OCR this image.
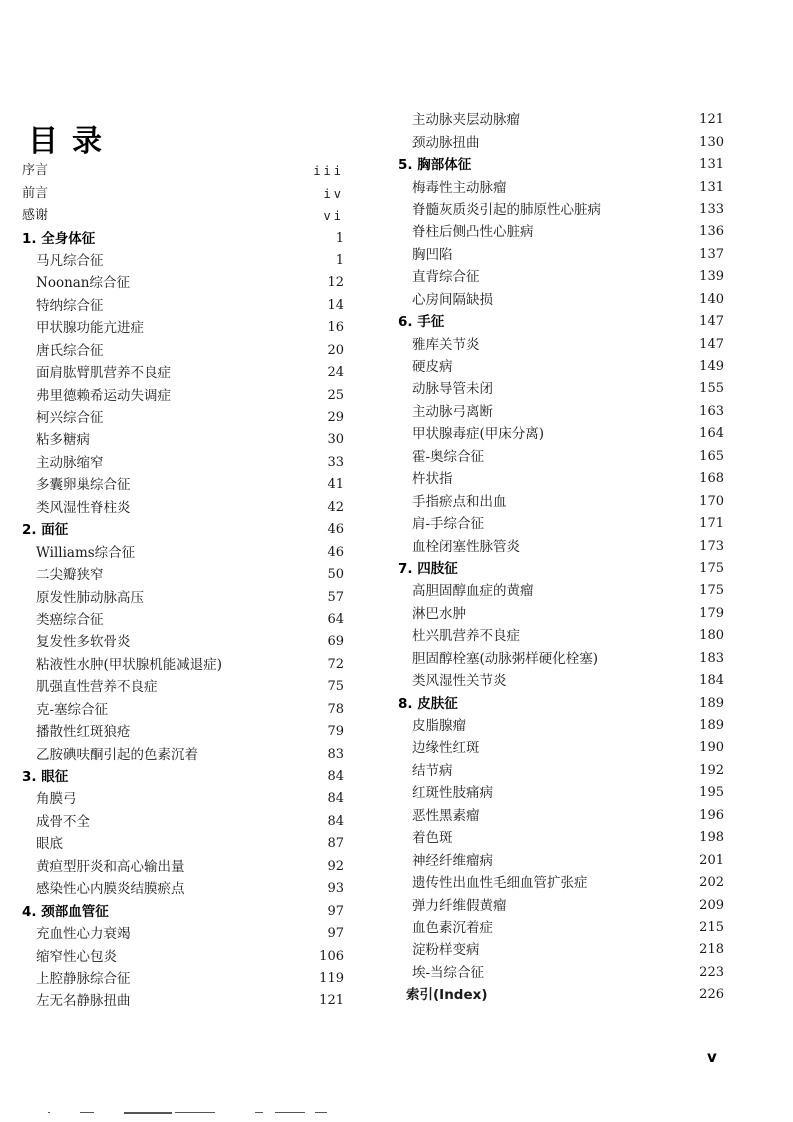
目录
序言	iii
前言	iv
感谢	vi
1. 全身体征	1
马凡综合征	1
Noonan综合征	12
特纳综合征	14
甲状腺功能亢进症	16
唐氏综合征	20
面肩肱臂肌营养不良症	24
弗里德赖希运动失调症	25
柯兴综合征	29
粘多糖病	30
主动脉缩窄	33
多囊卵巢综合征	41
类风湿性脊柱炎	42
2. 面征	46
Williams综合征	46
二尖瓣狭窄	50
原发性肺动脉高压	57
类癌综合征	64
复发性多软骨炎	69
粘液性水肿(甲状腺机能减退症)	72
肌强直性营养不良症	75
克-塞综合征	78
播散性红斑狼疮	79
乙胺碘呋酮引起的色素沉着	83
3. 眼征	84
角膜弓	84
成骨不全	84
眼底	87
黄疸型肝炎和高心输出量	92
感染性心内膜炎结膜瘀点	93
4. 颈部血管征	97
充血性心力衰竭	97
缩窄性心包炎	106
上腔静脉综合征	119
左无名静脉扭曲	121
主动脉夹层动脉瘤	121
颈动脉扭曲	130
5. 胸部体征	131
梅毒性主动脉瘤	131
脊髓灰质炎引起的肺原性心脏病	133
脊柱后侧凸性心脏病	136
胸凹陷	137
直背综合征	139
心房间隔缺损	140
6. 手征	147
雅库关节炎	147
硬皮病	149
动脉导管未闭	155
主动脉弓离断	163
甲状腺毒症(甲床分离)	164
霍-奥综合征	165
杵状指	168
手指瘀点和出血	170
肩-手综合征	171
血栓闭塞性脉管炎	173
7. 四肢征	175
高胆固醇血症的黄瘤	175
淋巴水肿	179
杜兴肌营养不良症	180
胆固醇栓塞(动脉粥样硬化栓塞)	183
类风湿性关节炎	184
8. 皮肤征	189
皮脂腺瘤	189
边缘性红斑	190
结节病	192
红斑性肢痛病	195
恶性黑素瘤	196
着色斑	198
神经纤维瘤病	201
遗传性出血性毛细血管扩张症	202
弹力纤维假黄瘤	209
血色素沉着症	215
淀粉样变病	218
埃-当综合征	223
索引(Index)	226
v
